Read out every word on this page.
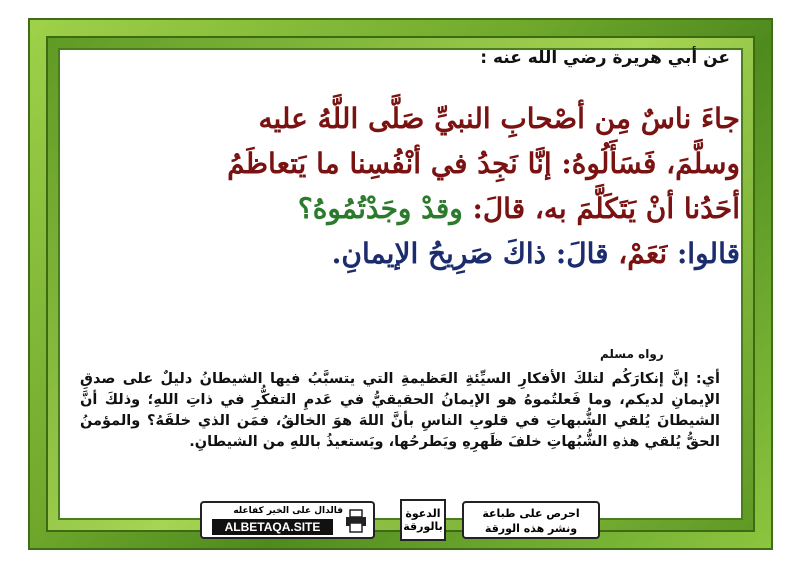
عن أبي هريرة رضي الله عنه :
جاءَ ناسٌ مِن أصْحابِ النبيِّ صَلَّى اللَّهُ عليه
وسلَّمَ، فَسَأَلُوهُ: إنَّا نَجِدُ في أنْفُسِنا ما يَتعاظَمُ
أحَدُنا أنْ يَتَكَلَّمَ به، قالَ: وقدْ وجَدْتُمُوهُ؟
قالوا: نَعَمْ، قالَ: ذاكَ صَرِيحُ الإيمانِ.
رواه مسلم
أي: إنَّ إنكارَكُم لتلكَ الأفكارِ السيِّئةِ العَظيمةِ التي يتسبَّبُ فيها الشيطانُ دليلٌ على صدقِ الإيمانِ لديكم، وما فَعلتُموهُ هو الإيمانُ الحقيقيُّ في عَدمِ التفكُّرِ في ذاتِ اللهِ؛ وذلكَ أنَّ الشيطانَ يُلقي الشُّبهاتِ في قلوبِ الناسِ بأنَّ اللهَ هوَ الخالقُ، فمَن الذي خلقَهُ؟ والمؤمنُ الحقُّ يُلقي هذهِ الشُّبُهاتِ خلفَ ظَهرِهِ ويَطرحُها، ويَستعيذُ باللهِ من الشيطانِ.
فالدال على الخير كفاعله
ALBETAQA.SITE
الدعوة
بالورقة
احرص على طباعة
ونشر هذه الورقة
